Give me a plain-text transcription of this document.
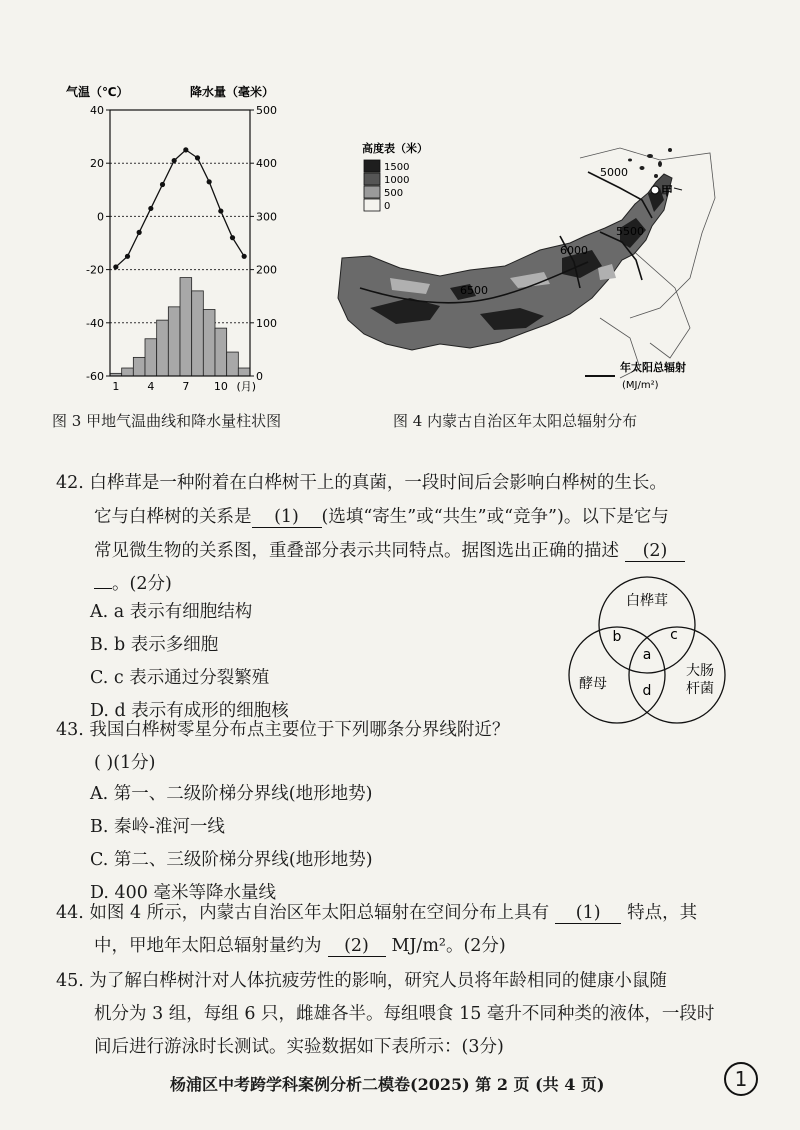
气温（℃）	降水量（毫米）
40
20
0
-20
-40
-60
500
400
300
200
100
0
1	4	7 10 (月)
图 3 甲地气温曲线和降水量柱状图
5000
5500
6000
6500
甲
高度表（米）
1500
1000
500
0
年太阳总辐射
(MJ/m²)
图 4 内蒙古自治区年太阳总辐射分布
42. 白桦茸是一种附着在白桦树干上的真菌，一段时间后会影响白桦树的生长。
它与白桦树的关系是 (1) (选填“寄生”或“共生”或“竞争”)。以下是它与
常见微生物的关系图，重叠部分表示共同特点。据图选出正确的描述 (2)
。(2分)
A. a 表示有细胞结构
B. b 表示多细胞
C. c 表示通过分裂繁殖
D. d 表示有成形的细胞核
白桦茸
酵母
大肠
杆菌
b	c
a
d
43. 我国白桦树零星分布点主要位于下列哪条分界线附近？
( )(1分)
A. 第一、二级阶梯分界线(地形地势)
B. 秦岭-淮河一线
C. 第二、三级阶梯分界线(地形地势)
D. 400 毫米等降水量线
44. 如图 4 所示，内蒙古自治区年太阳总辐射在空间分布上具有 (1) 特点，其
中，甲地年太阳总辐射量约为 (2) MJ/m²。(2分)
45. 为了解白桦树汁对人体抗疲劳性的影响，研究人员将年龄相同的健康小鼠随
机分为 3 组，每组 6 只，雌雄各半。每组喂食 15 毫升不同种类的液体，一段时
间后进行游泳时长测试。实验数据如下表所示：(3分)
杨浦区中考跨学科案例分析二模卷(2025) 第 2 页 (共 4 页)	1
